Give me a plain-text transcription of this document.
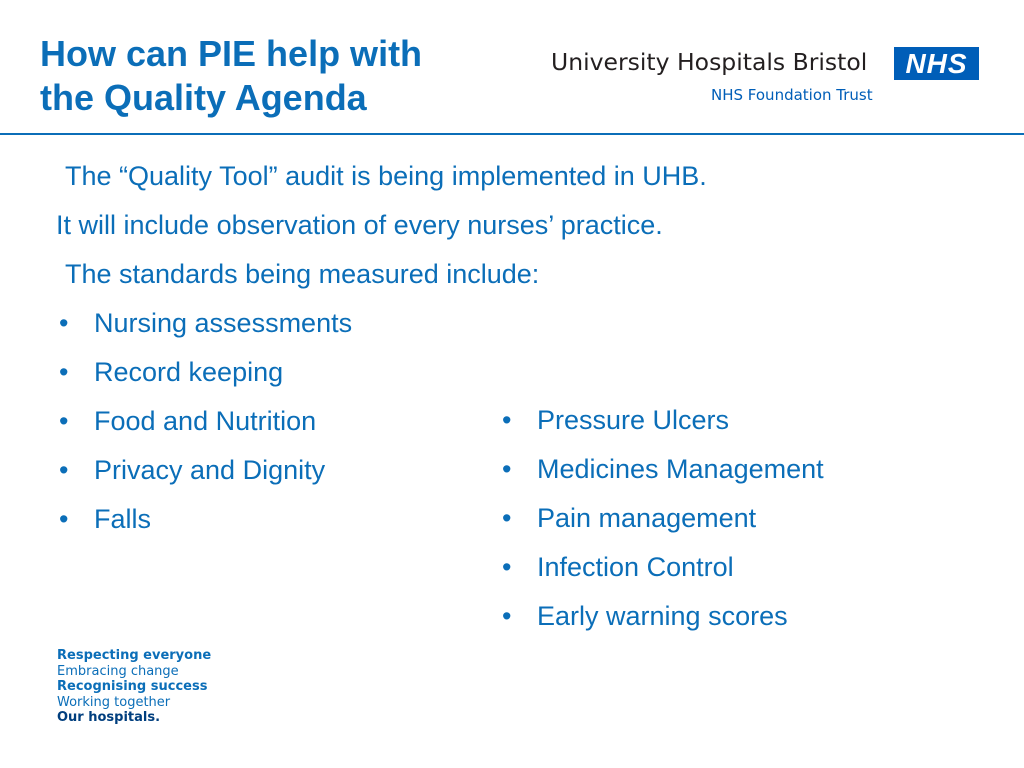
How can PIE help with
the Quality Agenda
University Hospitals Bristol	NHS
NHS Foundation Trust
The “Quality Tool” audit is being implemented in UHB.
It will include observation of every nurses’ practice.
The standards being measured include:
• Nursing assessments
• Record keeping
• Food and Nutrition
• Privacy and Dignity
• Falls
• Pressure Ulcers
• Medicines Management
• Pain management
• Infection Control
• Early warning scores
Respecting everyone
Embracing change
Recognising success
Working together
Our hospitals.
